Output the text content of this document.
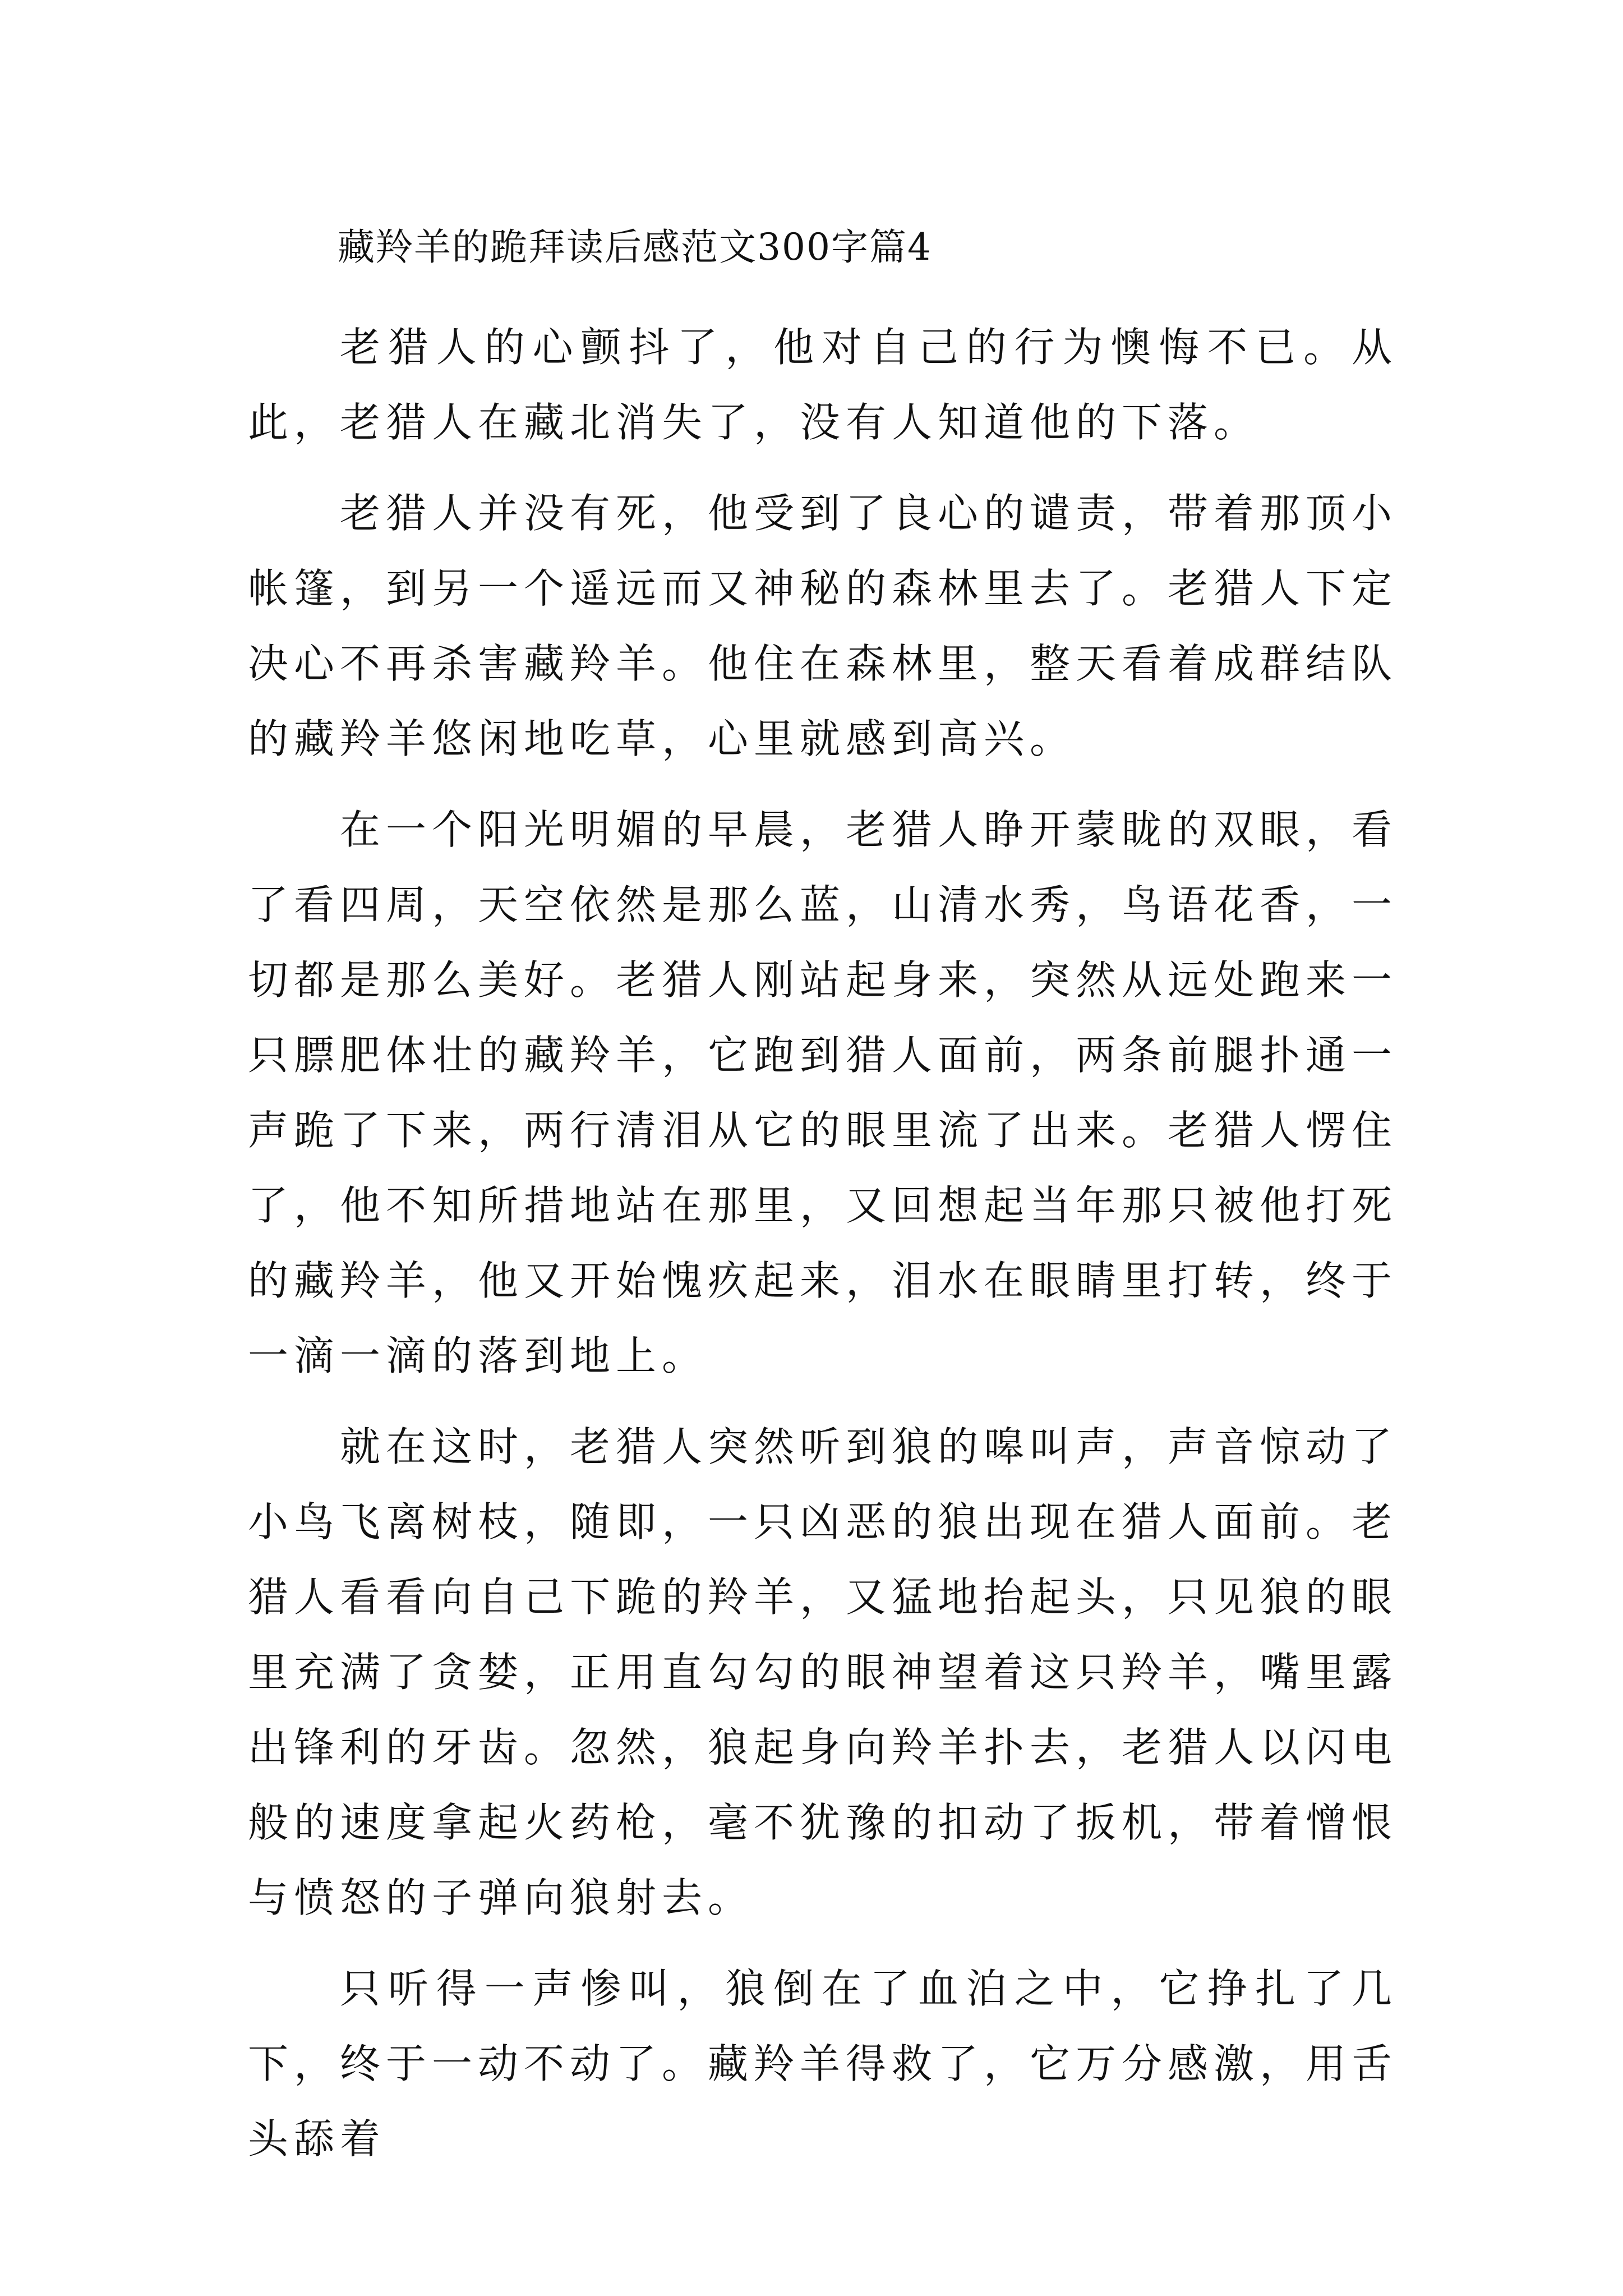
藏羚羊的跪拜读后感范文300字篇4

老猎人的心颤抖了，他对自己的行为懊悔不已。从此，老猎人在藏北消失了，没有人知道他的下落。

老猎人并没有死，他受到了良心的谴责，带着那顶小帐篷，到另一个遥远而又神秘的森林里去了。老猎人下定决心不再杀害藏羚羊。他住在森林里，整天看着成群结队的藏羚羊悠闲地吃草，心里就感到高兴。

在一个阳光明媚的早晨，老猎人睁开蒙眬的双眼，看了看四周，天空依然是那么蓝，山清水秀，鸟语花香，一切都是那么美好。老猎人刚站起身来，突然从远处跑来一只膘肥体壮的藏羚羊，它跑到猎人面前，两条前腿扑通一声跪了下来，两行清泪从它的眼里流了出来。老猎人愣住了，他不知所措地站在那里，又回想起当年那只被他打死的藏羚羊，他又开始愧疚起来，泪水在眼睛里打转，终于一滴一滴的落到地上。

就在这时，老猎人突然听到狼的嗥叫声，声音惊动了小鸟飞离树枝，随即，一只凶恶的狼出现在猎人面前。老猎人看看向自己下跪的羚羊，又猛地抬起头，只见狼的眼里充满了贪婪，正用直勾勾的眼神望着这只羚羊，嘴里露出锋利的牙齿。忽然，狼起身向羚羊扑去，老猎人以闪电般的速度拿起火药枪，毫不犹豫的扣动了扳机，带着憎恨与愤怒的子弹向狼射去。

只听得一声惨叫，狼倒在了血泊之中，它挣扎了几下，终于一动不动了。藏羚羊得救了，它万分感激，用舌头舔着
